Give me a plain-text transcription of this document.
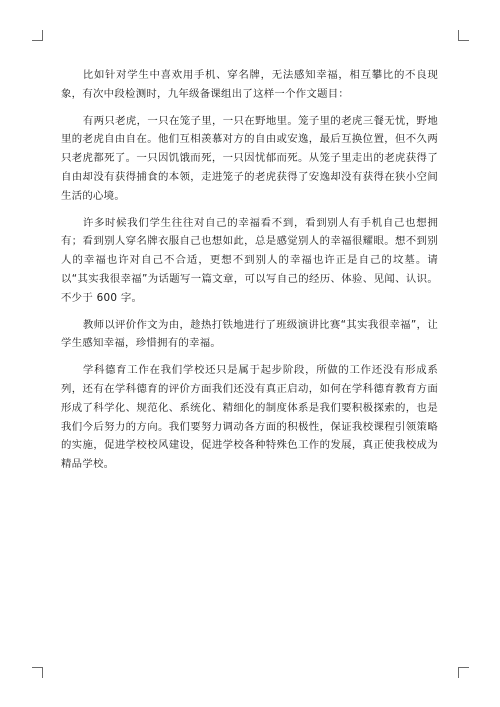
比如针对学生中喜欢用手机、穿名牌，无法感知幸福，相互攀比的不良现象，有次中段检测时，九年级备课组出了这样一个作文题目：

有两只老虎，一只在笼子里，一只在野地里。笼子里的老虎三餐无忧，野地里的老虎自由自在。他们互相羡慕对方的自由或安逸，最后互换位置，但不久两只老虎都死了。一只因饥饿而死，一只因忧郁而死。从笼子里走出的老虎获得了自由却没有获得捕食的本领，走进笼子的老虎获得了安逸却没有获得在狭小空间生活的心境。

许多时候我们学生往往对自己的幸福看不到，看到别人有手机自己也想拥有；看到别人穿名牌衣服自己也想如此，总是感觉别人的幸福很耀眼。想不到别人的幸福也许对自己不合适，更想不到别人的幸福也许正是自己的坟墓。请以“其实我很幸福”为话题写一篇文章，可以写自己的经历、体验、见闻、认识。不少于 600 字。

教师以评价作文为由，趁热打铁地进行了班级演讲比赛“其实我很幸福”，让学生感知幸福，珍惜拥有的幸福。

学科德育工作在我们学校还只是属于起步阶段，所做的工作还没有形成系列，还有在学科德育的评价方面我们还没有真正启动，如何在学科德育教育方面形成了科学化、规范化、系统化、精细化的制度体系是我们要积极探索的，也是我们今后努力的方向。我们要努力调动各方面的积极性，保证我校课程引领策略的实施，促进学校校风建设，促进学校各种特殊色工作的发展，真正使我校成为精品学校。
